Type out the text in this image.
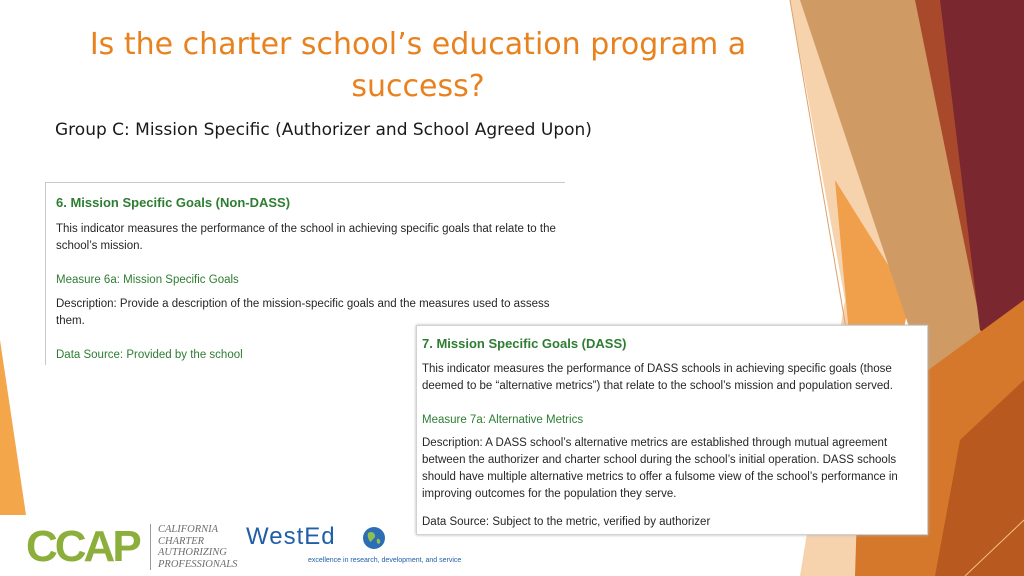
Is the charter school’s education program a success?

Group C: Mission Specific (Authorizer and School Agreed Upon)

6. Mission Specific Goals (Non-DASS)

This indicator measures the performance of the school in achieving specific goals that relate to the school’s mission.

Measure 6a: Mission Specific Goals

Description: Provide a description of the mission-specific goals and the measures used to assess them.

Data Source: Provided by the school

7. Mission Specific Goals (DASS)

This indicator measures the performance of DASS schools in achieving specific goals (those deemed to be “alternative metrics”) that relate to the school’s mission and population served.

Measure 7a: Alternative Metrics

Description: A DASS school’s alternative metrics are established through mutual agreement between the authorizer and charter school during the school’s initial operation. DASS schools should have multiple alternative metrics to offer a fulsome view of the school’s performance in improving outcomes for the population they serve.

Data Source: Subject to the metric, verified by authorizer

CCAP CALIFORNIA
CHARTER
AUTHORIZING
PROFESSIONALS
WestEd
excellence in research, development, and service
